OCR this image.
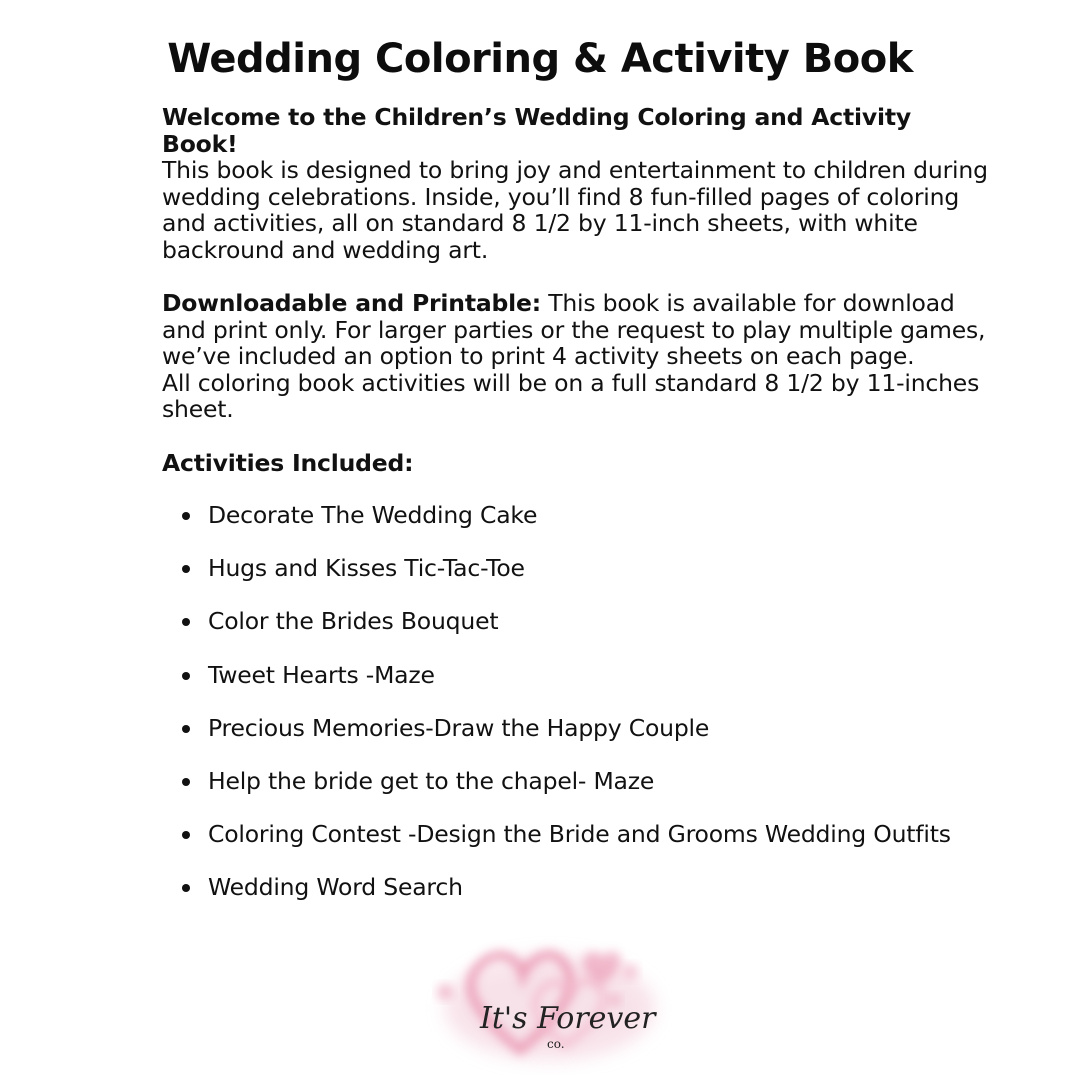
Wedding Coloring & Activity Book

Welcome to the Children’s Wedding Coloring and Activity Book!
This book is designed to bring joy and entertainment to children during wedding celebrations. Inside, you’ll find 8 fun-filled pages of coloring and activities, all on standard 8 1/2 by 11-inch sheets, with white backround and wedding art.

Downloadable and Printable: This book is available for download and print only. For larger parties or the request to play multiple games, we’ve included an option to print 4 activity sheets on each page.
All coloring book activities will be on a full standard 8 1/2 by 11-inches sheet.

Activities Included:

Decorate The Wedding Cake
Hugs and Kisses Tic-Tac-Toe
Color the Brides Bouquet
Tweet Hearts -Maze
Precious Memories-Draw the Happy Couple
Help the bride get to the chapel- Maze
Coloring Contest -Design the Bride and Grooms Wedding Outfits
Wedding Word Search
It's Forever
co.
